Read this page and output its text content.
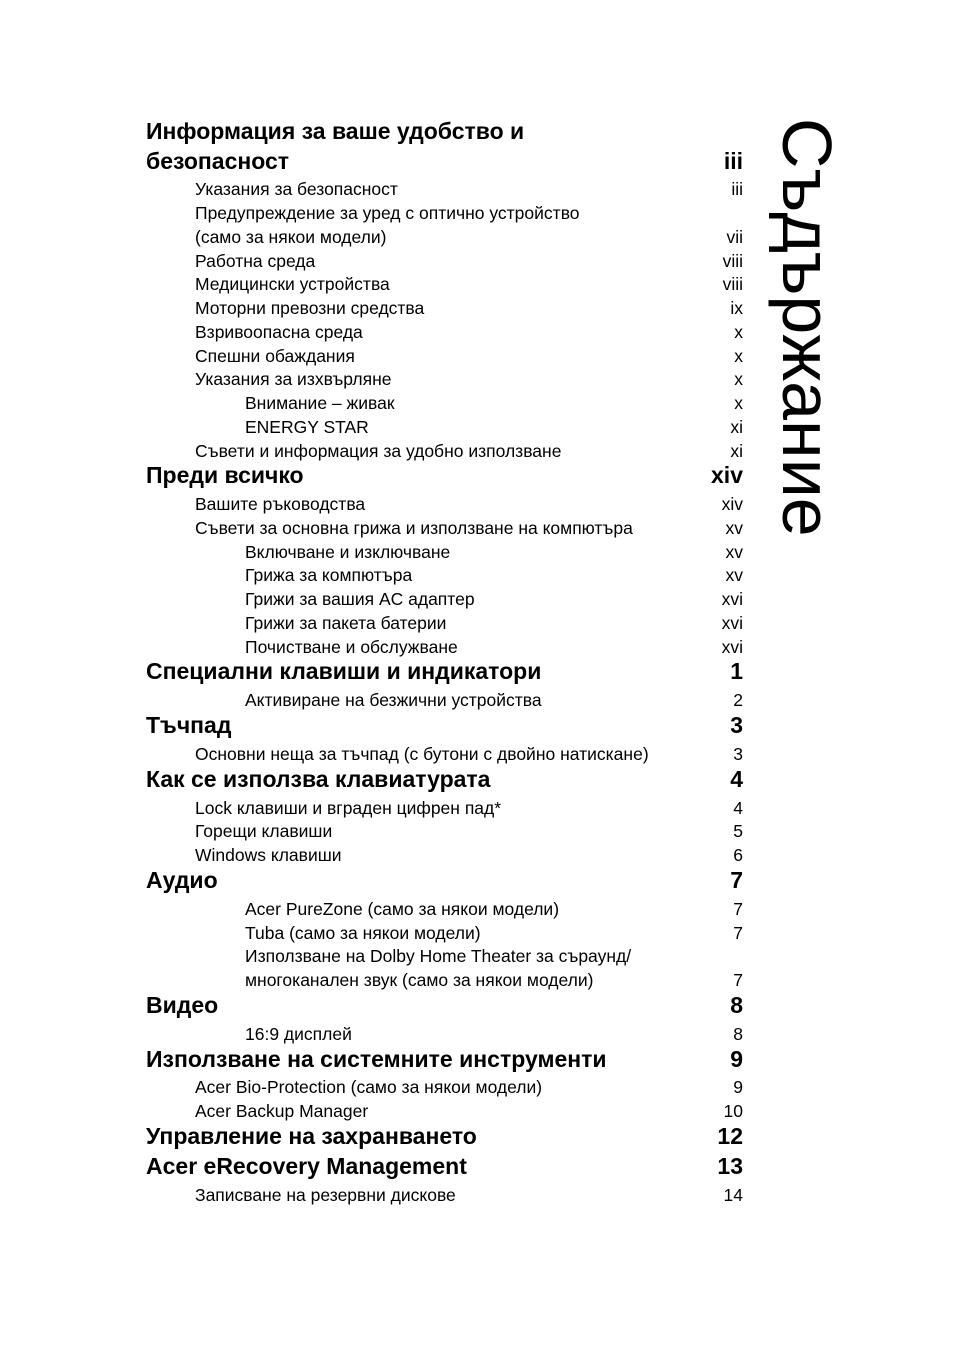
Информация за ваше удобство и
безопасност	iii
Указания за безопасност	iii
Предупреждение за уред с оптично устройство
(само за някои модели)	vii
Работна среда	viii
Медицински устройства	viii
Моторни превозни средства	ix
Взривоопасна среда	x
Спешни обаждания	x
Указания за изхвърляне	x
Внимание – живак	x
ENERGY STAR	xi
Съвети и информация за удобно използване	xi
Преди всичко	xiv
Вашите ръководства	xiv
Съвети за основна грижа и използване на компютъра	xv
Включване и изключване	xv
Грижа за компютъра	xv
Грижи за вашия AC адаптер	xvi
Грижи за пакета батерии	xvi
Почистване и обслужване	xvi
Специални клавиши и индикатори	1
Активиране на безжични устройства	2
Тъчпад	3
Основни неща за тъчпад (с бутони с двойно натискане)	3
Как се използва клавиатурата	4
Lock клавиши и вграден цифрен пад*	4
Горещи клавиши	5
Windows клавиши	6
Аудио	7
Acer PureZone (само за някои модели)	7
Tuba (само за някои модели)	7
Използване на Dolby Home Theater за съраунд/
многоканален звук (само за някои модели)	7
Видео	8
16:9 дисплей	8
Използване на системните инструменти	9
Acer Bio-Protection (само за някои модели)	9
Acer Backup Manager	10
Управление на захранването	12
Acer eRecovery Management	13
Записване на резервни дискове	14
Съдържание
